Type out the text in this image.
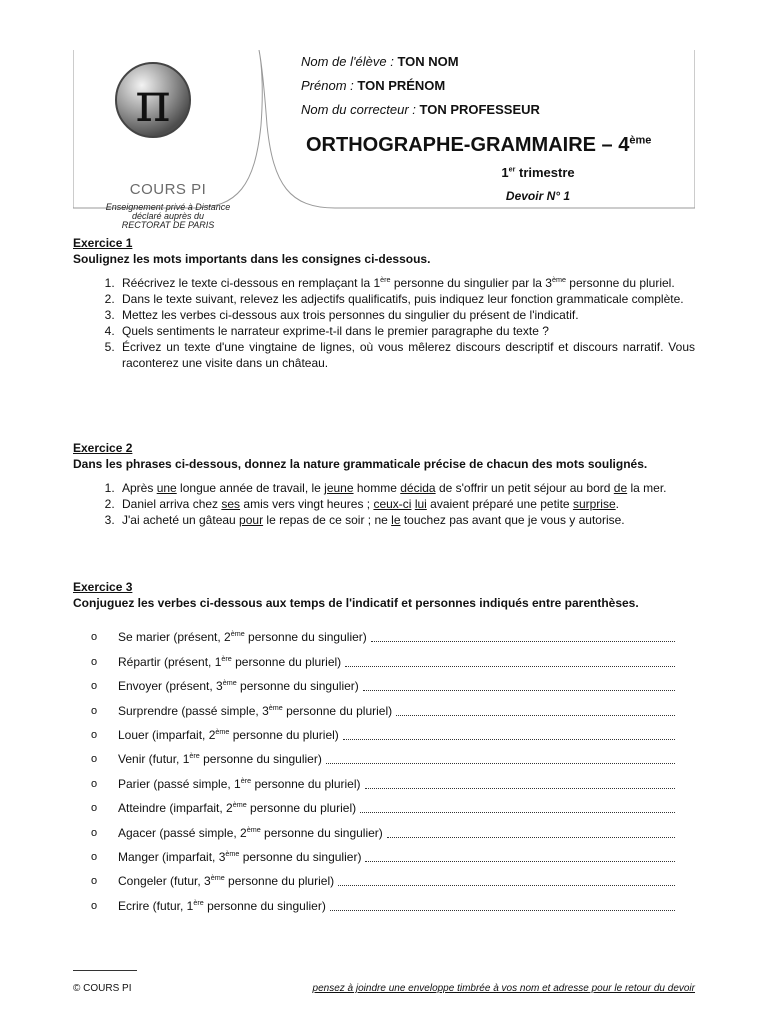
π
COURS PI
Enseignement privé à Distance
déclaré auprès du
RECTORAT DE PARIS
Nom de l'élève : TON NOM
Prénom : TON PRÉNOM
Nom du correcteur : TON PROFESSEUR
ORTHOGRAPHE-GRAMMAIRE – 4ème
1er trimestre
Devoir N° 1
Exercice 1
Soulignez les mots importants dans les consignes ci-dessous.
1. Réécrivez le texte ci-dessous en remplaçant la 1ère personne du singulier par la 3ème personne du pluriel.
2. Dans le texte suivant, relevez les adjectifs qualificatifs, puis indiquez leur fonction grammaticale complète.
3. Mettez les verbes ci-dessous aux trois personnes du singulier du présent de l'indicatif.
4. Quels sentiments le narrateur exprime-t-il dans le premier paragraphe du texte ?
5. Écrivez un texte d'une vingtaine de lignes, où vous mêlerez discours descriptif et discours narratif. Vous raconterez une visite dans un château.
Exercice 2
Dans les phrases ci-dessous, donnez la nature grammaticale précise de chacun des mots soulignés.
1. Après une longue année de travail, le jeune homme décida de s'offrir un petit séjour au bord de la mer.
2. Daniel arriva chez ses amis vers vingt heures ; ceux-ci lui avaient préparé une petite surprise.
3. J'ai acheté un gâteau pour le repas de ce soir ; ne le touchez pas avant que je vous y autorise.
Exercice 3
Conjuguez les verbes ci-dessous aux temps de l'indicatif et personnes indiqués entre parenthèses.
o	Se marier (présent, 2ème personne du singulier)
o	Répartir (présent, 1ère personne du pluriel)
o	Envoyer (présent, 3ème personne du singulier)
o	Surprendre (passé simple, 3ème personne du pluriel)
o	Louer (imparfait, 2ème personne du pluriel)
o	Venir (futur, 1ère personne du singulier)
o	Parier (passé simple, 1ère personne du pluriel)
o	Atteindre (imparfait, 2ème personne du pluriel)
o	Agacer (passé simple, 2ème personne du singulier)
o	Manger (imparfait, 3ème personne du singulier)
o	Congeler (futur, 3ème personne du pluriel)
o	Ecrire (futur, 1ère personne du singulier)
© COURS PI	pensez à joindre une enveloppe timbrée à vos nom et adresse pour le retour du devoir
